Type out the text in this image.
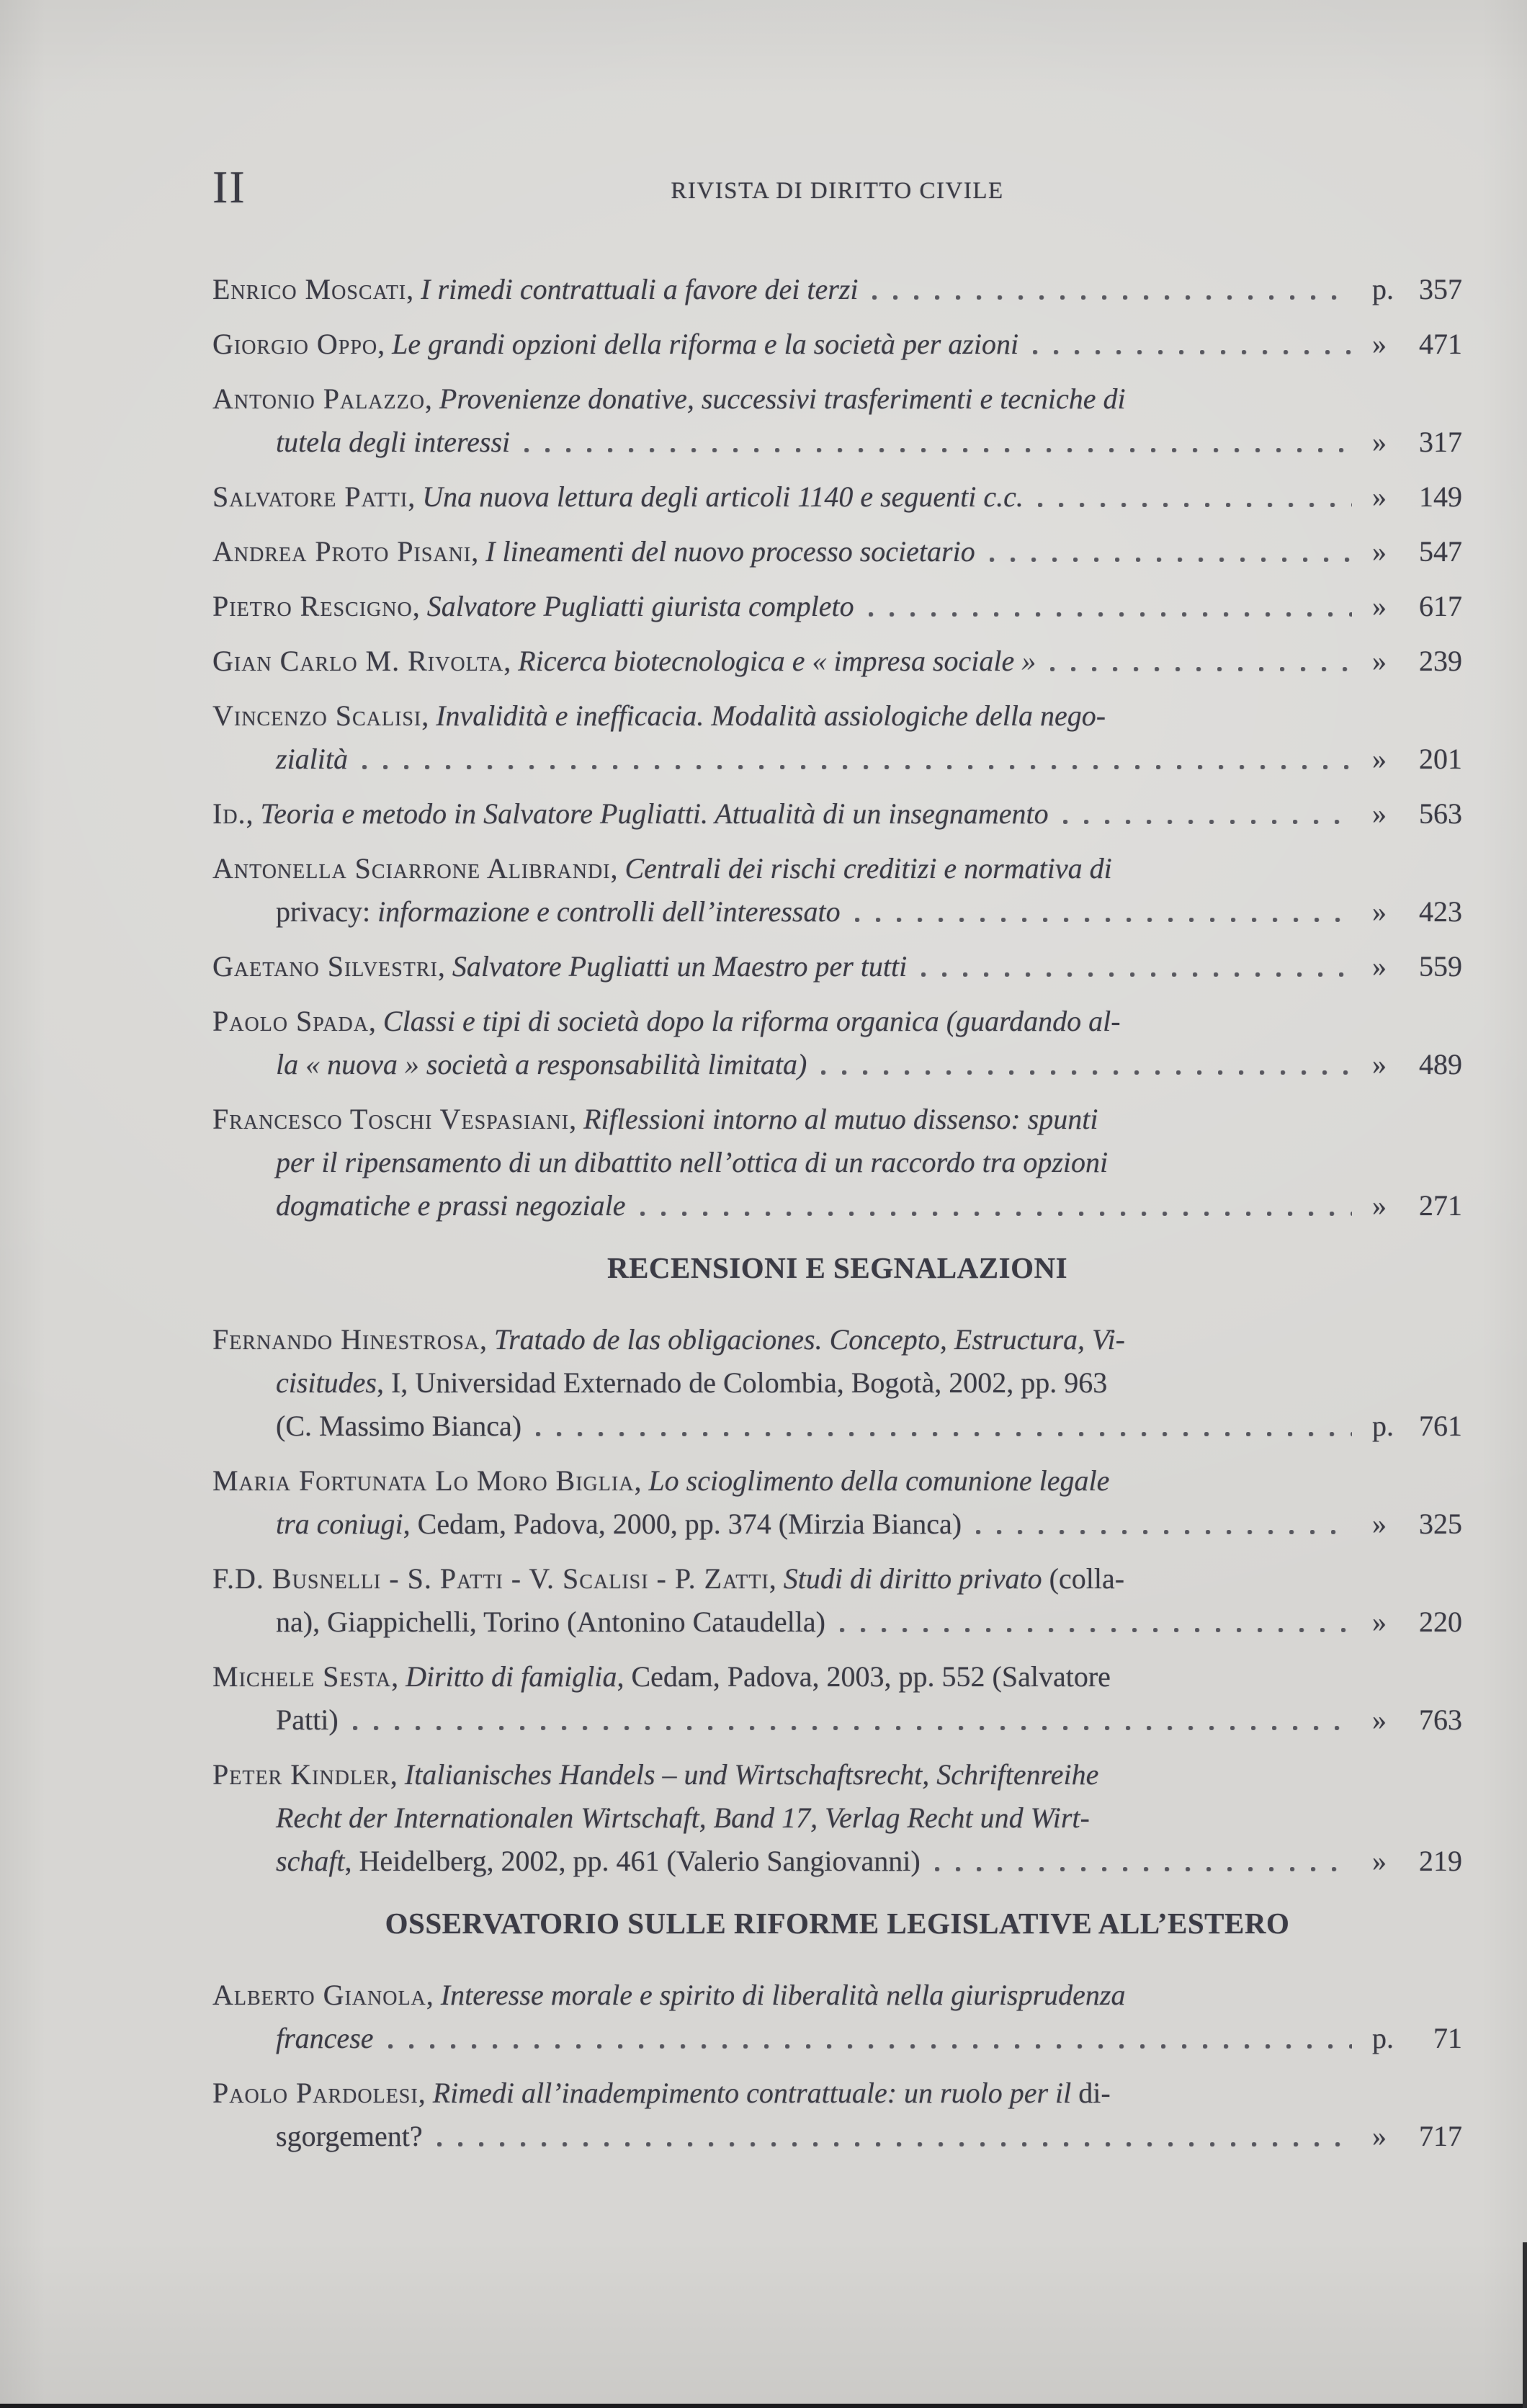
II	RIVISTA DI DIRITTO CIVILE
Enrico Moscati, I rimedi contrattuali a favore dei terzi	p. 357
Giorgio Oppo, Le grandi opzioni della riforma e la società per azioni	» 471
Antonio Palazzo, Provenienze donative, successivi trasferimenti e tecniche di
tutela degli interessi	» 317
Salvatore Patti, Una nuova lettura degli articoli 1140 e seguenti c.c.	» 149
Andrea Proto Pisani, I lineamenti del nuovo processo societario	» 547
Pietro Rescigno, Salvatore Pugliatti giurista completo	» 617
Gian Carlo M. Rivolta, Ricerca biotecnologica e « impresa sociale »	» 239
Vincenzo Scalisi, Invalidità e inefficacia. Modalità assiologiche della nego-
zialità	» 201
Id., Teoria e metodo in Salvatore Pugliatti. Attualità di un insegnamento	» 563
Antonella Sciarrone Alibrandi, Centrali dei rischi creditizi e normativa di
privacy: informazione e controlli dell’interessato	» 423
Gaetano Silvestri, Salvatore Pugliatti un Maestro per tutti	» 559
Paolo Spada, Classi e tipi di società dopo la riforma organica (guardando al-
la « nuova » società a responsabilità limitata)	» 489
Francesco Toschi Vespasiani, Riflessioni intorno al mutuo dissenso: spunti
per il ripensamento di un dibattito nell’ottica di un raccordo tra opzioni
dogmatiche e prassi negoziale	» 271
RECENSIONI E SEGNALAZIONI
Fernando Hinestrosa, Tratado de las obligaciones. Concepto, Estructura, Vi-
cisitudes, I, Universidad Externado de Colombia, Bogotà, 2002, pp. 963
(C. Massimo Bianca)	p. 761
Maria Fortunata Lo Moro Biglia, Lo scioglimento della comunione legale
tra coniugi, Cedam, Padova, 2000, pp. 374 (Mirzia Bianca)	» 325
F.D. Busnelli - S. Patti - V. Scalisi - P. Zatti, Studi di diritto privato (colla-
na), Giappichelli, Torino (Antonino Cataudella)	» 220
Michele Sesta, Diritto di famiglia, Cedam, Padova, 2003, pp. 552 (Salvatore
Patti)	» 763
Peter Kindler, Italianisches Handels – und Wirtschaftsrecht, Schriftenreihe
Recht der Internationalen Wirtschaft, Band 17, Verlag Recht und Wirt-
schaft, Heidelberg, 2002, pp. 461 (Valerio Sangiovanni)	» 219
OSSERVATORIO SULLE RIFORME LEGISLATIVE ALL’ESTERO
Alberto Gianola, Interesse morale e spirito di liberalità nella giurisprudenza
francese	p. 71
Paolo Pardolesi, Rimedi all’inadempimento contrattuale: un ruolo per il di-
sgorgement?	» 717
